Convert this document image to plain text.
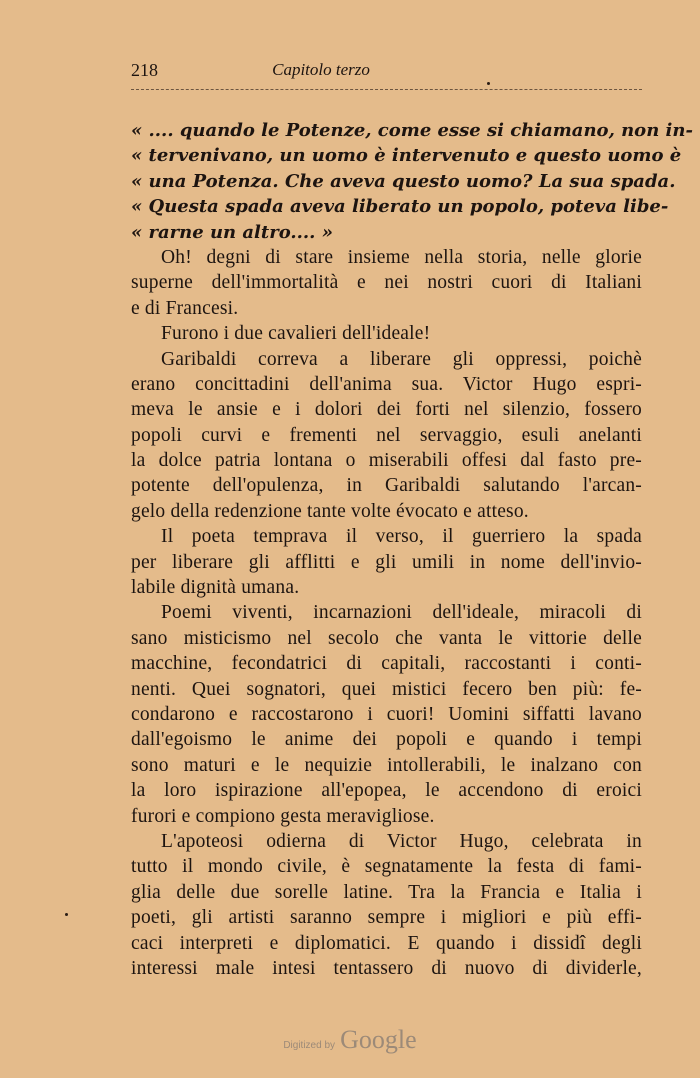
218	Capitolo terzo
« .... quando le Potenze, come esse si chiamano, non in-
« tervenivano, un uomo è intervenuto e questo uomo è
« una Potenza. Che aveva questo uomo? La sua spada.
« Questa spada aveva liberato un popolo, poteva libe-
« rarne un altro.... »
Oh! degni di stare insieme nella storia, nelle glorie
superne dell'immortalità e nei nostri cuori di Italiani
e di Francesi.
Furono i due cavalieri dell'ideale!
Garibaldi correva a liberare gli oppressi, poichè
erano concittadini dell'anima sua. Victor Hugo espri-
meva le ansie e i dolori dei forti nel silenzio, fossero
popoli curvi e frementi nel servaggio, esuli anelanti
la dolce patria lontana o miserabili offesi dal fasto pre-
potente dell'opulenza, in Garibaldi salutando l'arcan-
gelo della redenzione tante volte évocato e atteso.
Il poeta temprava il verso, il guerriero la spada
per liberare gli afflitti e gli umili in nome dell'invio-
labile dignità umana.
Poemi viventi, incarnazioni dell'ideale, miracoli di
sano misticismo nel secolo che vanta le vittorie delle
macchine, fecondatrici di capitali, raccostanti i conti-
nenti. Quei sognatori, quei mistici fecero ben più: fe-
condarono e raccostarono i cuori! Uomini siffatti lavano
dall'egoismo le anime dei popoli e quando i tempi
sono maturi e le nequizie intollerabili, le inalzano con
la loro ispirazione all'epopea, le accendono di eroici
furori e compiono gesta meravigliose.
L'apoteosi odierna di Victor Hugo, celebrata in
tutto il mondo civile, è segnatamente la festa di fami-
glia delle due sorelle latine. Tra la Francia e Italia i
poeti, gli artisti saranno sempre i migliori e più effi-
caci interpreti e diplomatici. E quando i dissidî degli
interessi male intesi tentassero di nuovo di dividerle,
Digitized by Google
